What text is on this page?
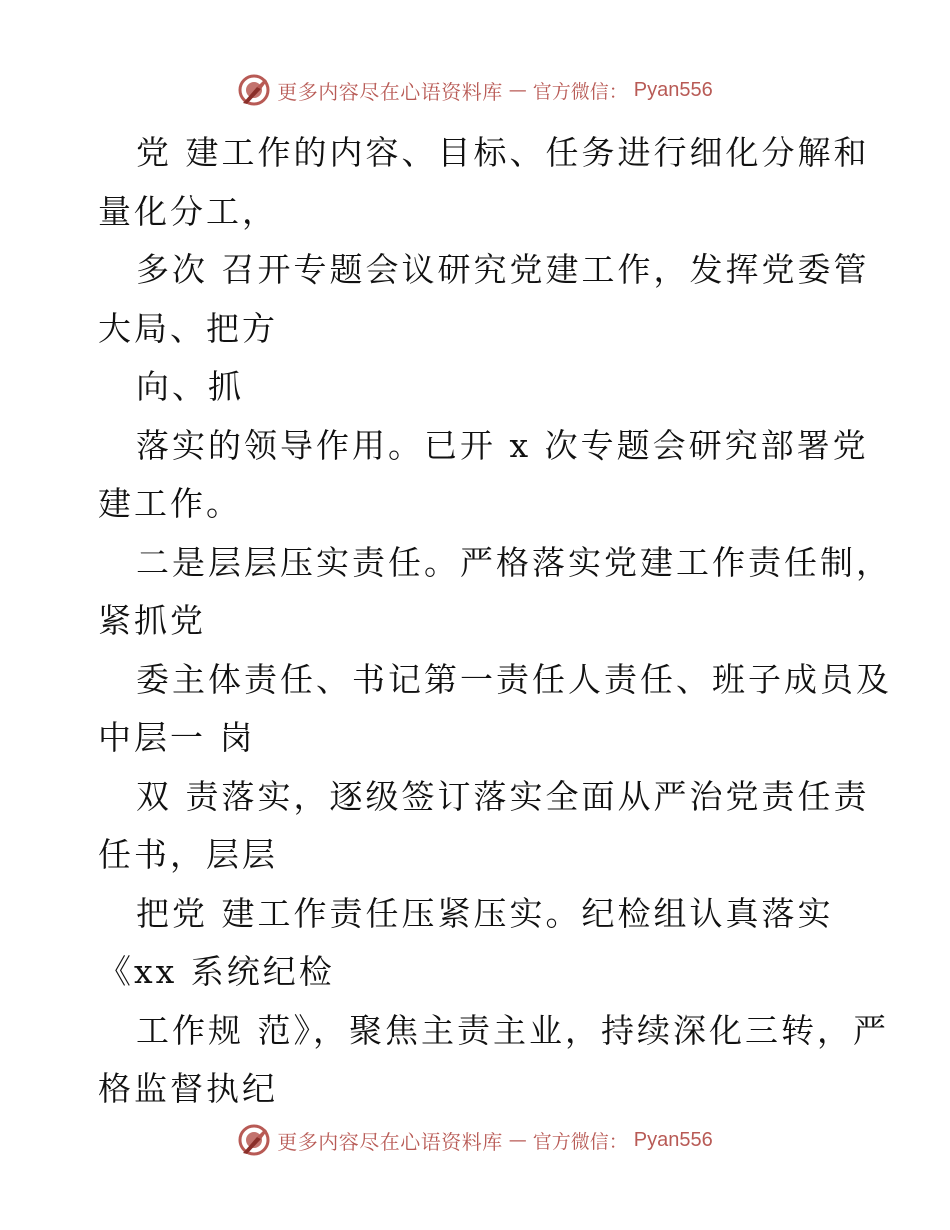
更多内容尽在心语资料库 — 官方微信： Pyan556
党 建工作的内容、目标、任务进行细化分解和
量化分工，
多次 召开专题会议研究党建工作，发挥党委管
大局、把方
向、抓
落实的领导作用。已开 x 次专题会研究部署党
建工作。
二是层层压实责任。严格落实党建工作责任制，
紧抓党
委主体责任、书记第一责任人责任、班子成员及
中层一 岗
双 责落实，逐级签订落实全面从严治党责任责
任书，层层
把党 建工作责任压紧压实。纪检组认真落实
《xx 系统纪检
工作规 范》，聚焦主责主业，持续深化三转，严
格监督执纪
更多内容尽在心语资料库 — 官方微信： Pyan556
